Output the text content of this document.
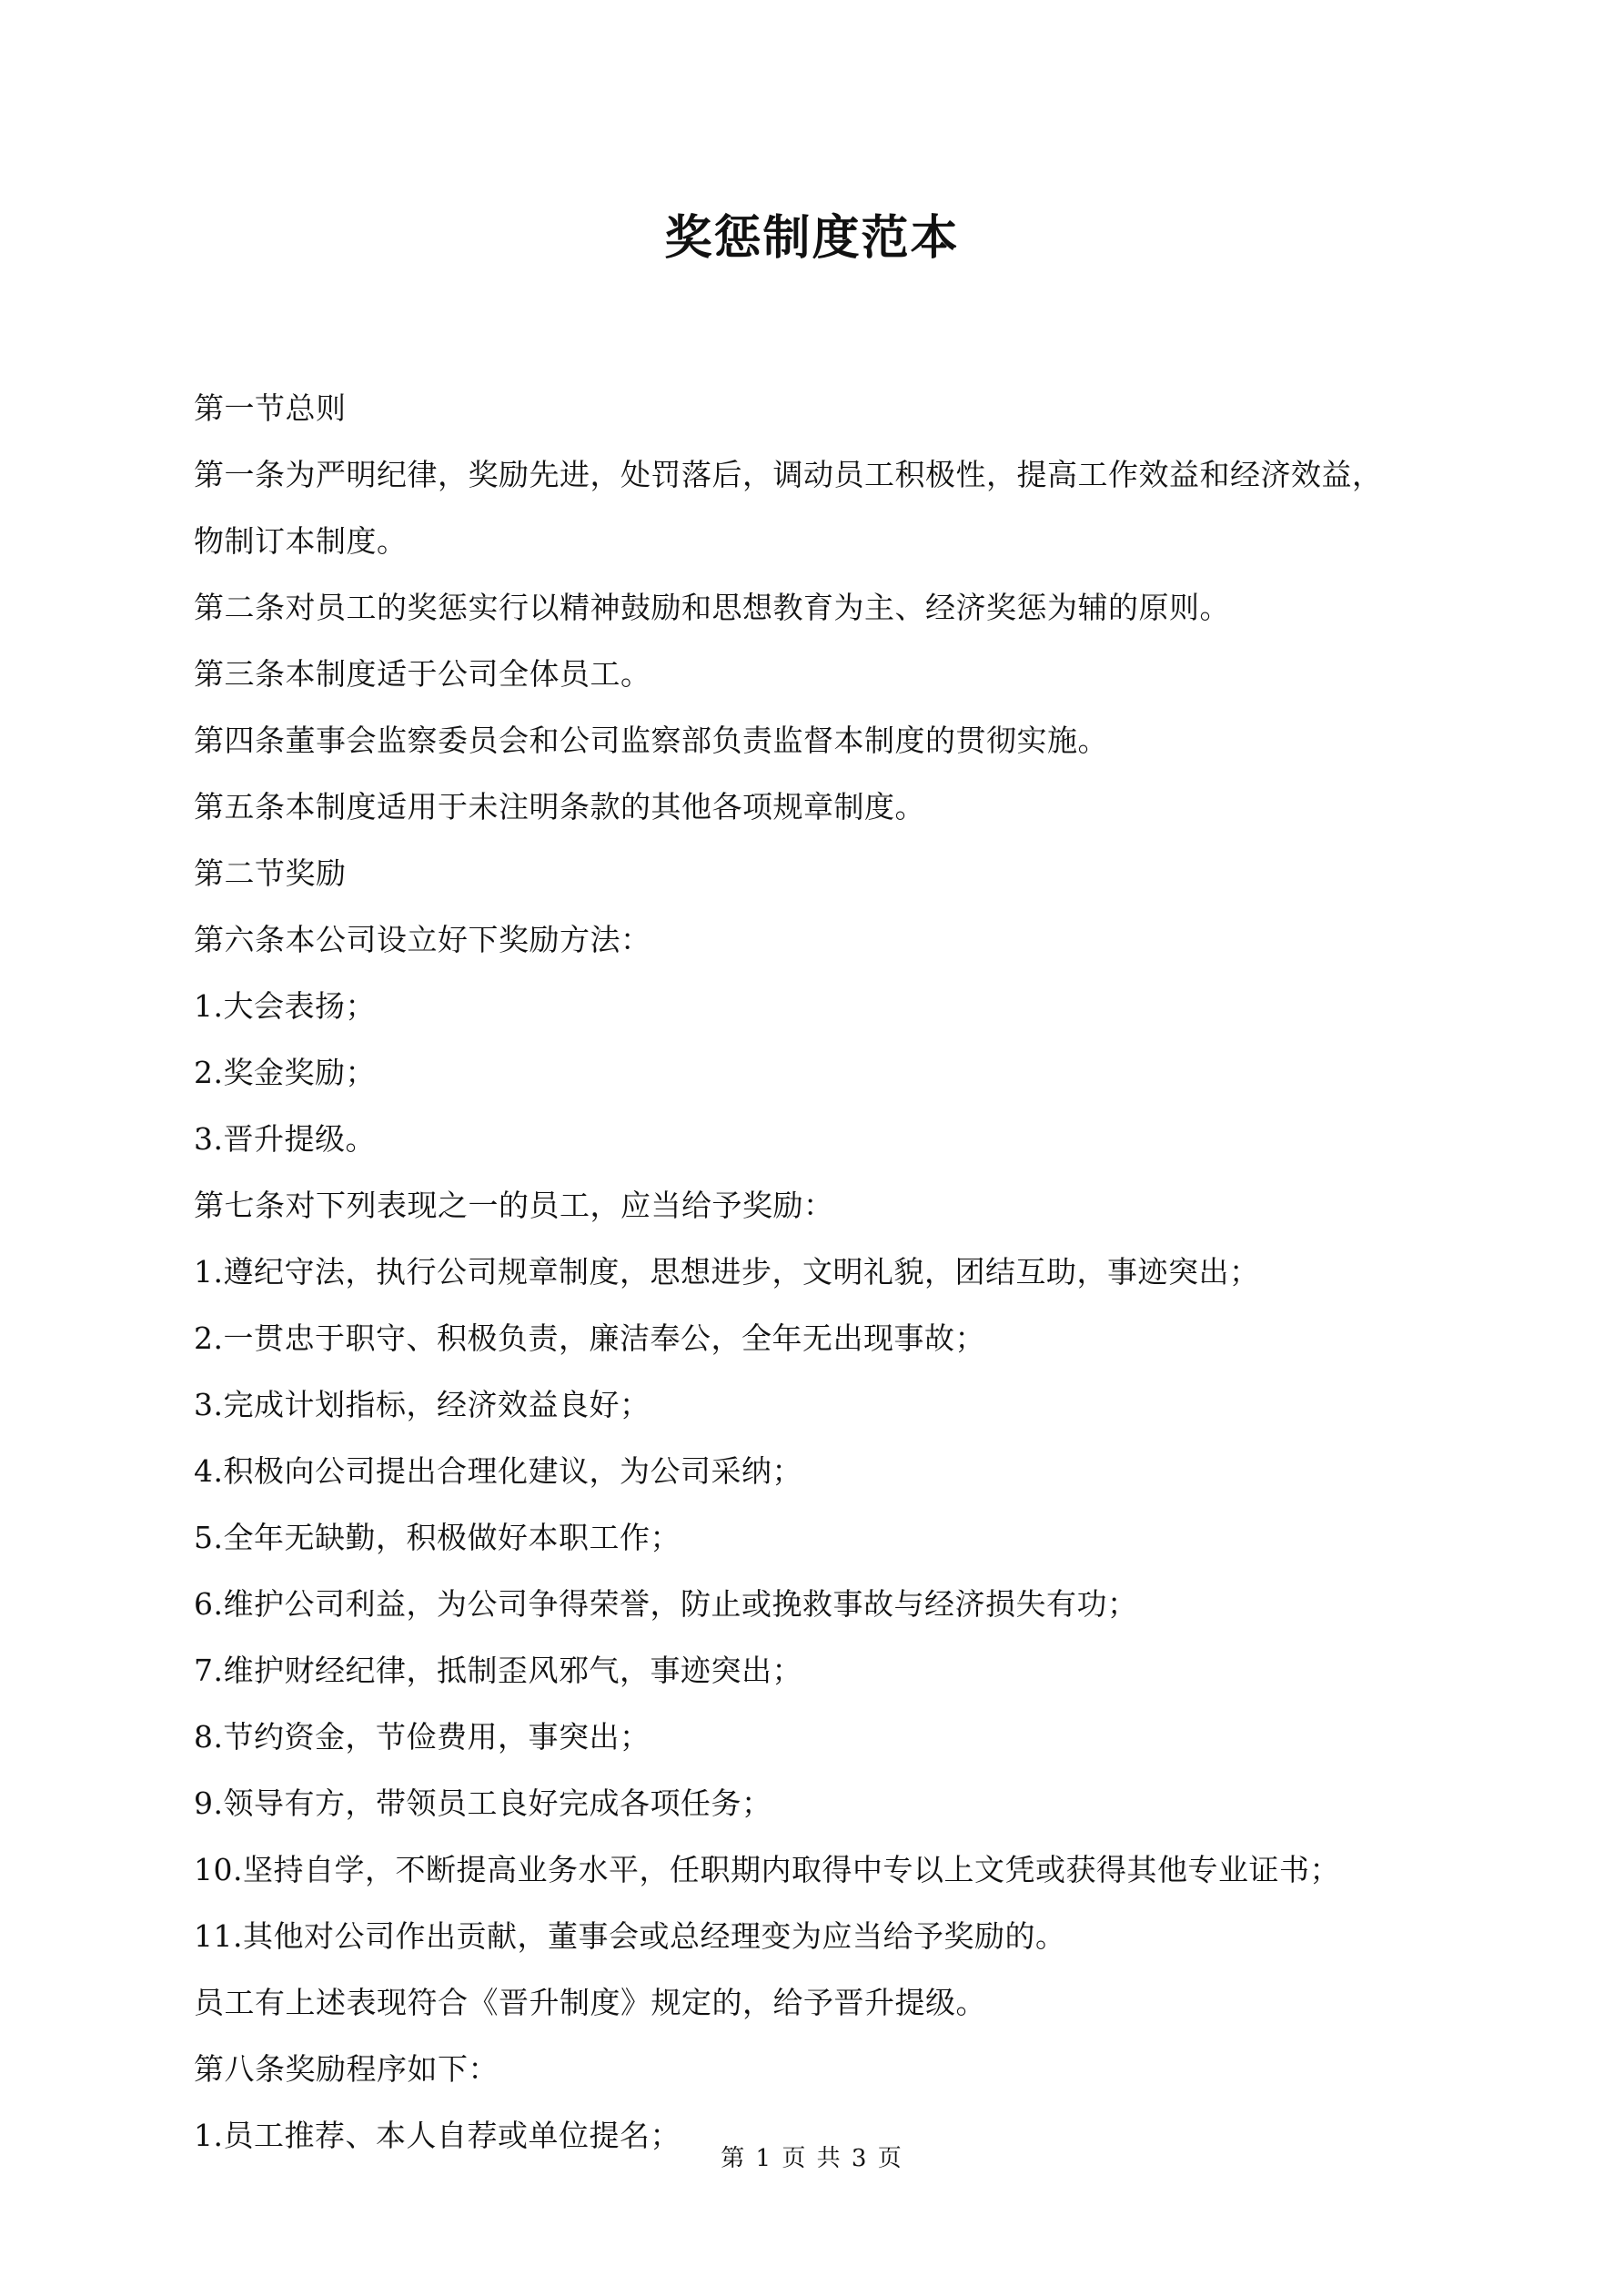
奖惩制度范本

第一节总则

第一条为严明纪律，奖励先进，处罚落后，调动员工积极性，提高工作效益和经济效益，

物制订本制度。

第二条对员工的奖惩实行以精神鼓励和思想教育为主、经济奖惩为辅的原则。

第三条本制度适于公司全体员工。

第四条董事会监察委员会和公司监察部负责监督本制度的贯彻实施。

第五条本制度适用于未注明条款的其他各项规章制度。

第二节奖励

第六条本公司设立好下奖励方法：

1.大会表扬；

2.奖金奖励；

3.晋升提级。

第七条对下列表现之一的员工，应当给予奖励：

1.遵纪守法，执行公司规章制度，思想进步，文明礼貌，团结互助，事迹突出；

2.一贯忠于职守、积极负责，廉洁奉公，全年无出现事故；

3.完成计划指标，经济效益良好；

4.积极向公司提出合理化建议，为公司采纳；

5.全年无缺勤，积极做好本职工作；

6.维护公司利益，为公司争得荣誉，防止或挽救事故与经济损失有功；

7.维护财经纪律，抵制歪风邪气，事迹突出；

8.节约资金，节俭费用，事突出；

9.领导有方，带领员工良好完成各项任务；

10.坚持自学，不断提高业务水平，任职期内取得中专以上文凭或获得其他专业证书；

11.其他对公司作出贡献，董事会或总经理变为应当给予奖励的。

员工有上述表现符合《晋升制度》规定的，给予晋升提级。

第八条奖励程序如下：

1.员工推荐、本人自荐或单位提名；

第 1 页 共 3 页
